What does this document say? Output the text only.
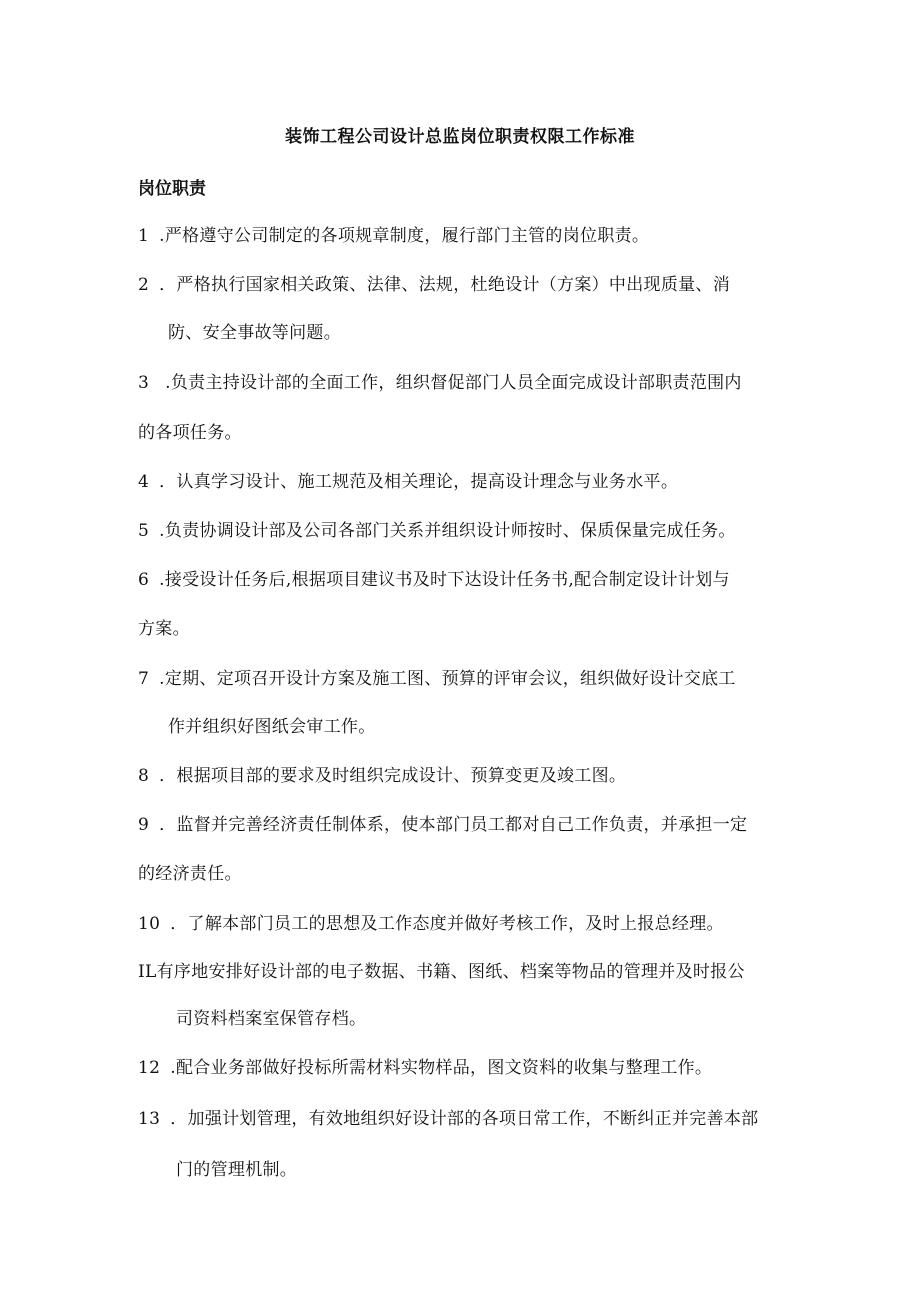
装饰工程公司设计总监岗位职责权限工作标准
岗位职责
1 .严格遵守公司制定的各项规章制度，履行部门主管的岗位职责。
2 ．严格执行国家相关政策、法律、法规，杜绝设计（方案）中出现质量、消
防、安全事故等问题。
3 .负责主持设计部的全面工作，组织督促部门人员全面完成设计部职责范围内
的各项任务。
4 ．认真学习设计、施工规范及相关理论，提高设计理念与业务水平。
5 .负责协调设计部及公司各部门关系并组织设计师按时、保质保量完成任务。
6 .接受设计任务后,根据项目建议书及时下达设计任务书,配合制定设计计划与
方案。
7 .定期、定项召开设计方案及施工图、预算的评审会议，组织做好设计交底工
作并组织好图纸会审工作。
8 ．根据项目部的要求及时组织完成设计、预算变更及竣工图。
9 ．监督并完善经济责任制体系，使本部门员工都对自己工作负责，并承担一定
的经济责任。
10 ．了解本部门员工的思想及工作态度并做好考核工作，及时上报总经理。
IL有序地安排好设计部的电子数据、书籍、图纸、档案等物品的管理并及时报公
司资料档案室保管存档。
12 .配合业务部做好投标所需材料实物样品，图文资料的收集与整理工作。
13 ．加强计划管理，有效地组织好设计部的各项日常工作，不断纠正并完善本部
门的管理机制。
